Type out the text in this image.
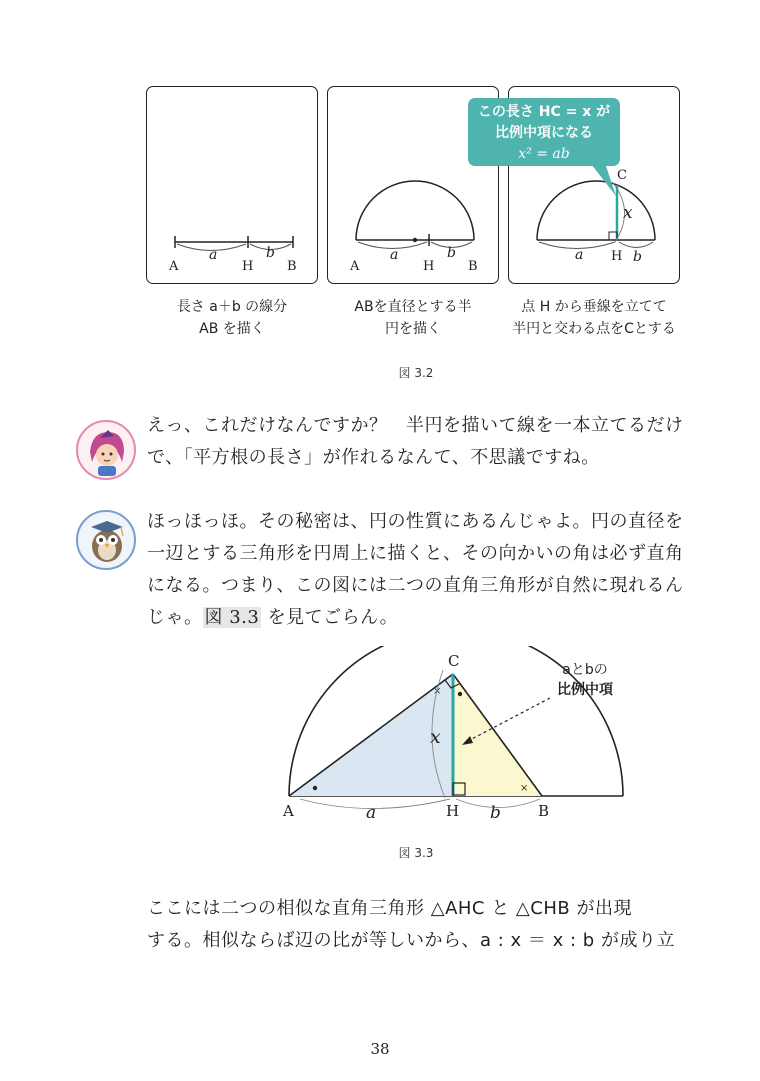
a	b
A	H	B
a	b
A	H	B
x
C
a H b
この長さ HC = x が
比例中項になる
x² = ab
長さ a＋b の線分
AB を描く
ABを直径とする半
円を描く
点 H から垂線を立てて
半円と交わる点をCとする
図 3.2
えっ、これだけなんですか？　半円を描いて線を一本立てるだけで、「平方根の長さ」が作れるなんて、不思議ですね。
ほっほっほ。その秘密は、円の性質にあるんじゃよ。円の直径を一辺とする三角形を円周上に描くと、その向かいの角は必ず直角になる。つまり、この図には二つの直角三角形が自然に現れるんじゃ。 図 3.3 を見てごらん。
×
×
C
x
A	H	B
a	b
aとbの
比例中項
図 3.3
ここには二つの相似な直角三角形 △AHC と △CHB が出現
する。相似ならば辺の比が等しいから、a : x ＝ x : b が成り立
38
